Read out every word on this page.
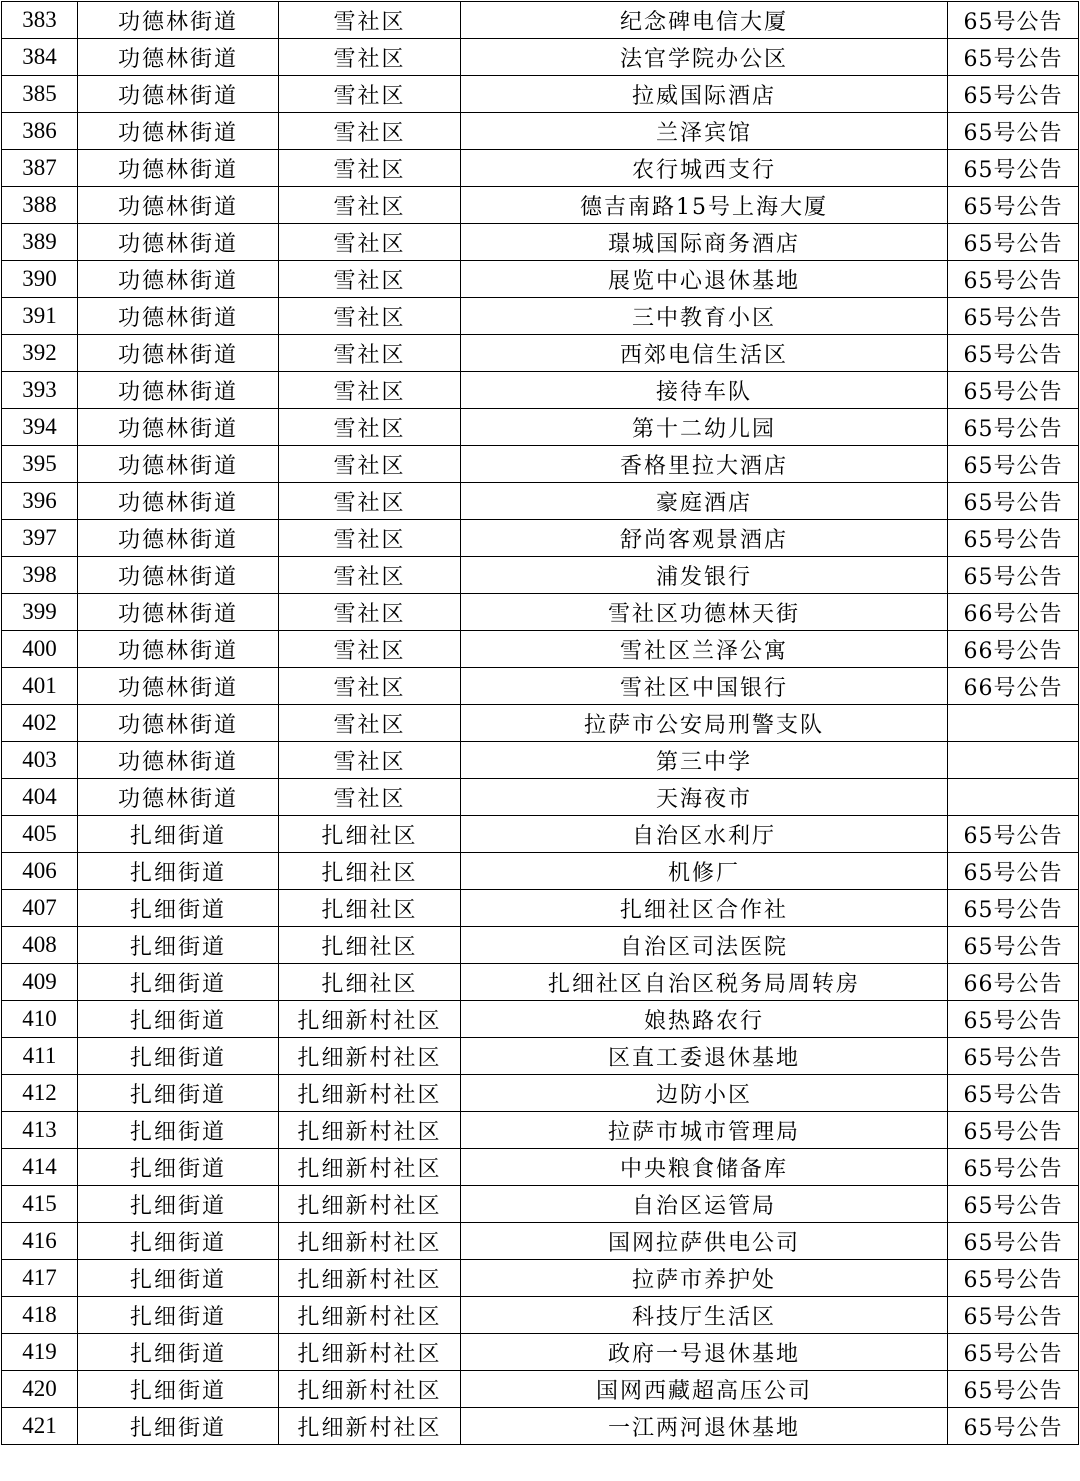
383	功德林街道	雪社区	纪念碑电信大厦	65号公告
384	功德林街道	雪社区	法官学院办公区	65号公告
385	功德林街道	雪社区	拉威国际酒店	65号公告
386	功德林街道	雪社区	兰泽宾馆	65号公告
387	功德林街道	雪社区	农行城西支行	65号公告
388	功德林街道	雪社区	德吉南路15号上海大厦	65号公告
389	功德林街道	雪社区	璟城国际商务酒店	65号公告
390	功德林街道	雪社区	展览中心退休基地	65号公告
391	功德林街道	雪社区	三中教育小区	65号公告
392	功德林街道	雪社区	西郊电信生活区	65号公告
393	功德林街道	雪社区	接待车队	65号公告
394	功德林街道	雪社区	第十二幼儿园	65号公告
395	功德林街道	雪社区	香格里拉大酒店	65号公告
396	功德林街道	雪社区	豪庭酒店	65号公告
397	功德林街道	雪社区	舒尚客观景酒店	65号公告
398	功德林街道	雪社区	浦发银行	65号公告
399	功德林街道	雪社区	雪社区功德林天街	66号公告
400	功德林街道	雪社区	雪社区兰泽公寓	66号公告
401	功德林街道	雪社区	雪社区中国银行	66号公告
402	功德林街道	雪社区	拉萨市公安局刑警支队	
403	功德林街道	雪社区	第三中学	
404	功德林街道	雪社区	天海夜市	
405	扎细街道	扎细社区	自治区水利厅	65号公告
406	扎细街道	扎细社区	机修厂	65号公告
407	扎细街道	扎细社区	扎细社区合作社	65号公告
408	扎细街道	扎细社区	自治区司法医院	65号公告
409	扎细街道	扎细社区	扎细社区自治区税务局周转房	66号公告
410	扎细街道	扎细新村社区	娘热路农行	65号公告
411	扎细街道	扎细新村社区	区直工委退休基地	65号公告
412	扎细街道	扎细新村社区	边防小区	65号公告
413	扎细街道	扎细新村社区	拉萨市城市管理局	65号公告
414	扎细街道	扎细新村社区	中央粮食储备库	65号公告
415	扎细街道	扎细新村社区	自治区运管局	65号公告
416	扎细街道	扎细新村社区	国网拉萨供电公司	65号公告
417	扎细街道	扎细新村社区	拉萨市养护处	65号公告
418	扎细街道	扎细新村社区	科技厅生活区	65号公告
419	扎细街道	扎细新村社区	政府一号退休基地	65号公告
420	扎细街道	扎细新村社区	国网西藏超高压公司	65号公告
421	扎细街道	扎细新村社区	一江两河退休基地	65号公告
